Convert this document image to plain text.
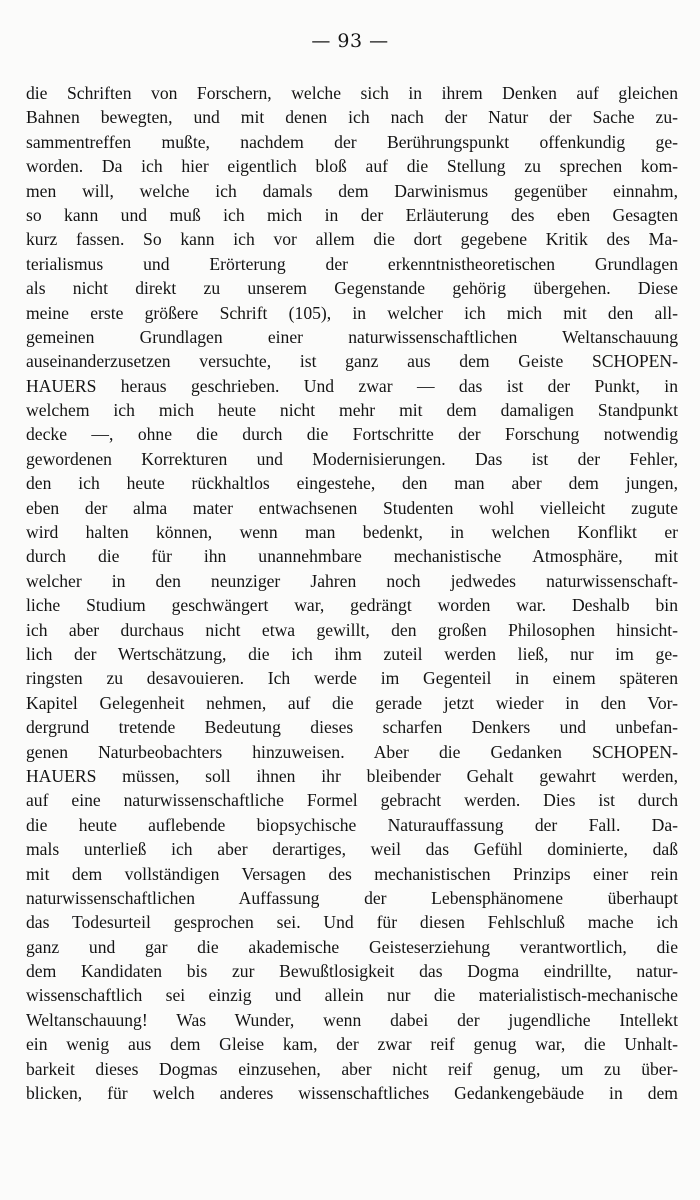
— 93 —
die Schriften von Forschern, welche sich in ihrem Denken auf gleichen
Bahnen bewegten, und mit denen ich nach der Natur der Sache zu-
sammentreffen mußte, nachdem der Berührungspunkt offenkundig ge-
worden. Da ich hier eigentlich bloß auf die Stellung zu sprechen kom-
men will, welche ich damals dem Darwinismus gegenüber einnahm,
so kann und muß ich mich in der Erläuterung des eben Gesagten
kurz fassen. So kann ich vor allem die dort gegebene Kritik des Ma-
terialismus und Erörterung der erkenntnistheoretischen Grundlagen
als nicht direkt zu unserem Gegenstande gehörig übergehen. Diese
meine erste größere Schrift (105), in welcher ich mich mit den all-
gemeinen Grundlagen einer naturwissenschaftlichen Weltanschauung
auseinanderzusetzen versuchte, ist ganz aus dem Geiste SCHOPEN-
HAUERS heraus geschrieben. Und zwar — das ist der Punkt, in
welchem ich mich heute nicht mehr mit dem damaligen Standpunkt
decke —, ohne die durch die Fortschritte der Forschung notwendig
gewordenen Korrekturen und Modernisierungen. Das ist der Fehler,
den ich heute rückhaltlos eingestehe, den man aber dem jungen,
eben der alma mater entwachsenen Studenten wohl vielleicht zugute
wird halten können, wenn man bedenkt, in welchen Konflikt er
durch die für ihn unannehmbare mechanistische Atmosphäre, mit
welcher in den neunziger Jahren noch jedwedes naturwissenschaft-
liche Studium geschwängert war, gedrängt worden war. Deshalb bin
ich aber durchaus nicht etwa gewillt, den großen Philosophen hinsicht-
lich der Wertschätzung, die ich ihm zuteil werden ließ, nur im ge-
ringsten zu desavouieren. Ich werde im Gegenteil in einem späteren
Kapitel Gelegenheit nehmen, auf die gerade jetzt wieder in den Vor-
dergrund tretende Bedeutung dieses scharfen Denkers und unbefan-
genen Naturbeobachters hinzuweisen. Aber die Gedanken SCHOPEN-
HAUERS müssen, soll ihnen ihr bleibender Gehalt gewahrt werden,
auf eine naturwissenschaftliche Formel gebracht werden. Dies ist durch
die heute auflebende biopsychische Naturauffassung der Fall. Da-
mals unterließ ich aber derartiges, weil das Gefühl dominierte, daß
mit dem vollständigen Versagen des mechanistischen Prinzips einer rein
naturwissenschaftlichen Auffassung der Lebensphänomene überhaupt
das Todesurteil gesprochen sei. Und für diesen Fehlschluß mache ich
ganz und gar die akademische Geisteserziehung verantwortlich, die
dem Kandidaten bis zur Bewußtlosigkeit das Dogma eindrillte, natur-
wissenschaftlich sei einzig und allein nur die materialistisch-mechanische
Weltanschauung! Was Wunder, wenn dabei der jugendliche Intellekt
ein wenig aus dem Gleise kam, der zwar reif genug war, die Unhalt-
barkeit dieses Dogmas einzusehen, aber nicht reif genug, um zu über-
blicken, für welch anderes wissenschaftliches Gedankengebäude in dem
